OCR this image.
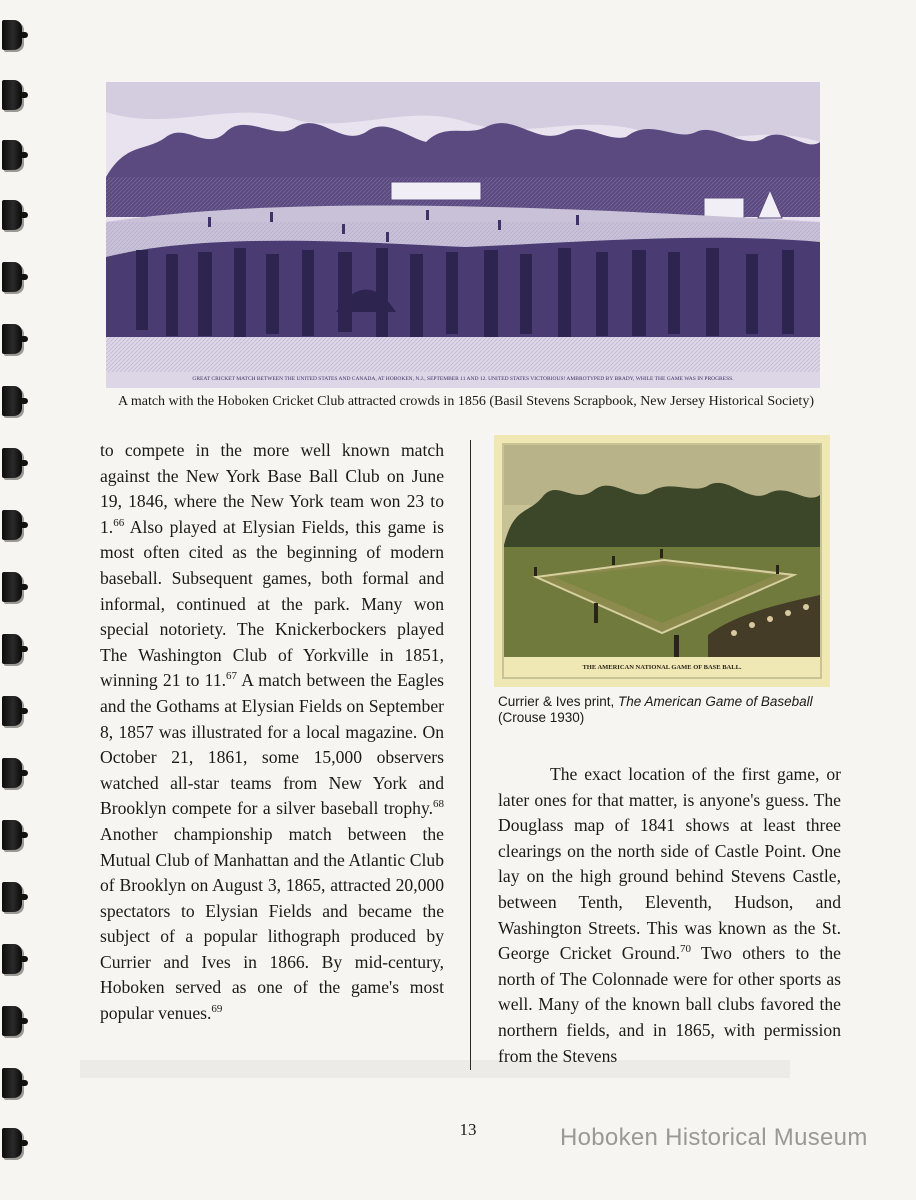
GREAT CRICKET MATCH BETWEEN THE UNITED STATES AND CANADA, AT HOBOKEN, N.J., SEPTEMBER 11 AND 12. UNITED STATES VICTORIOUS! AMBROTYPED BY BRADY, WHILE THE GAME WAS IN PROGRESS.
A match with the Hoboken Cricket Club attracted crowds in 1856 (Basil Stevens Scrapbook, New Jersey Historical Society)

to compete in the more well known match against the New York Base Ball Club on June 19, 1846, where the New York team won 23 to 1.66 Also played at Elysian Fields, this game is most often cited as the beginning of modern baseball. Subsequent games, both formal and informal, continued at the park. Many won special notoriety. The Knickerbockers played The Washington Club of Yorkville in 1851, winning 21 to 11.67 A match between the Eagles and the Gothams at Elysian Fields on September 8, 1857 was illustrated for a local magazine. On October 21, 1861, some 15,000 observers watched all-star teams from New York and Brooklyn compete for a silver baseball trophy.$^{68}$ Another championship match between the Mutual Club of Manhattan and the Atlantic Club of Brooklyn on August 3, 1865, attracted 20,000 spectators to Elysian Fields and became the subject of a popular lithograph produced by Currier and Ives in 1866. By mid-century, Hoboken served as one of the game's most popular venues.$^{69}$

THE AMERICAN NATIONAL GAME OF BASE BALL.
Currier & Ives print, The American Game of Baseball (Crouse 1930)

The exact location of the first game, or later ones for that matter, is anyone's guess. The Douglass map of 1841 shows at least three clearings on the north side of Castle Point. One lay on the high ground behind Stevens Castle, between Tenth, Eleventh, Hudson, and Washington Streets. This was known as the St. George Cricket Ground.$^{70}$ Two others to the north of The Colonnade were for other sports as well. Many of the known ball clubs favored the northern fields, and in 1865, with permission from the Stevens

13	Hoboken Historical Museum
